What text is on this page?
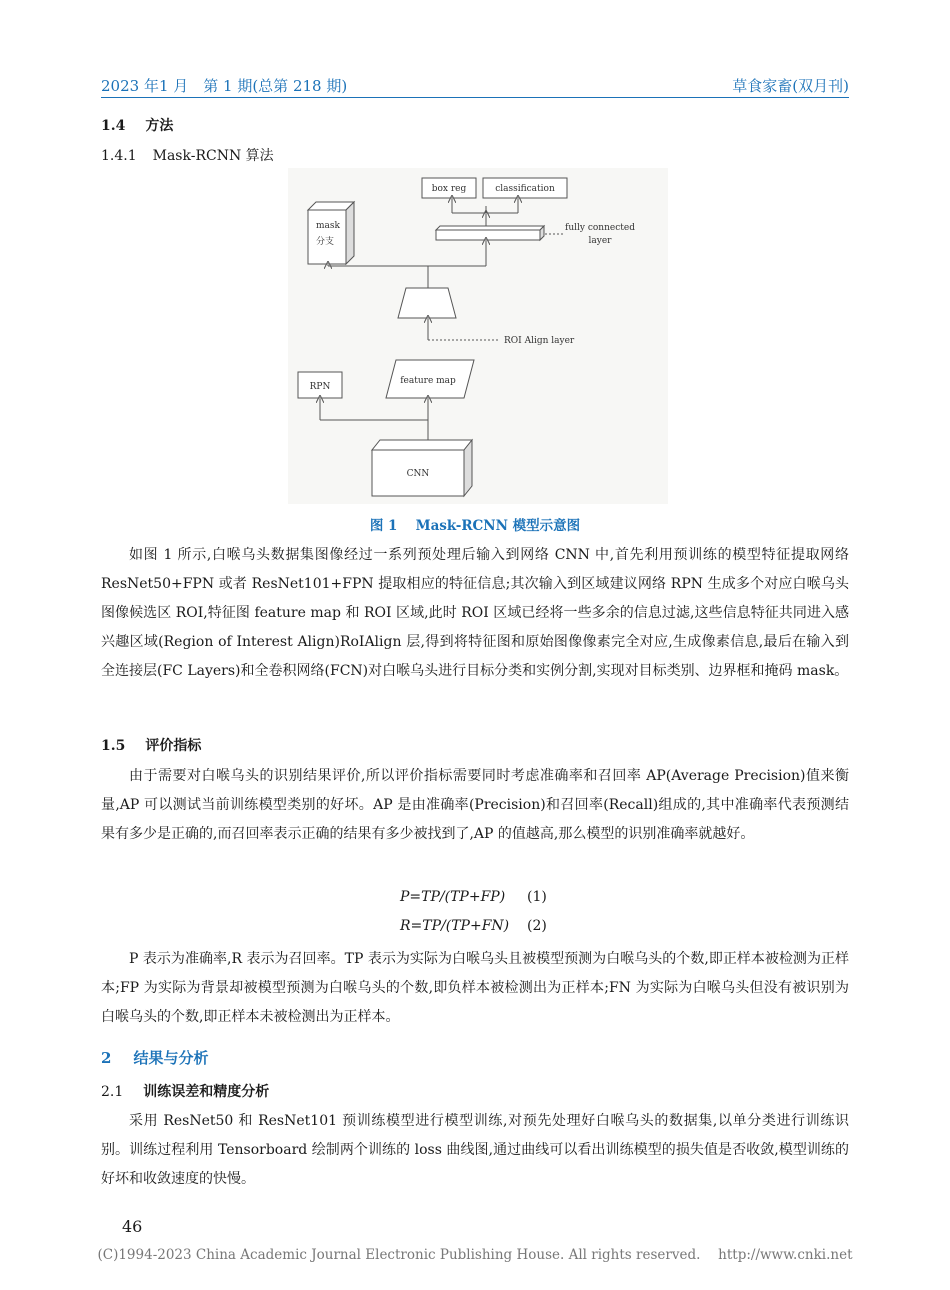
2023 年1 月　第 1 期(总第 218 期)	草食家畜(双月刊)
1.4 方法
1.4.1 Mask-RCNN 算法
box reg	classification
fully connected
layer
mask
分支
ROI Align layer
feature map
RPN
CNN
图 1　 Mask-RCNN 模型示意图

如图 1 所示,白喉乌头数据集图像经过一系列预处理后输入到网络 CNN 中,首先利用预训练的模型特征提取网络 ResNet50+FPN 或者 ResNet101+FPN 提取相应的特征信息;其次输入到区域建议网络 RPN 生成多个对应白喉乌头图像候选区 ROI,特征图 feature map 和 ROI 区域,此时 ROI 区域已经将一些多余的信息过滤,这些信息特征共同进入感兴趣区域(Region of Interest Align)RoIAlign 层,得到将特征图和原始图像像素完全对应,生成像素信息,最后在输入到全连接层(FC Layers)和全卷积网络(FCN)对白喉乌头进行目标分类和实例分割,实现对目标类别、边界框和掩码 mask。

1.5 评价指标

由于需要对白喉乌头的识别结果评价,所以评价指标需要同时考虑准确率和召回率 AP(Average Precision)值来衡量,AP 可以测试当前训练模型类别的好坏。AP 是由准确率(Precision)和召回率(Recall)组成的,其中准确率代表预测结果有多少是正确的,而召回率表示正确的结果有多少被找到了,AP 的值越高,那么模型的识别准确率就越好。

P=TP/(TP+FP) (1)
R=TP/(TP+FN) (2)

P 表示为准确率,R 表示为召回率。TP 表示为实际为白喉乌头且被模型预测为白喉乌头的个数,即正样本被检测为正样本;FP 为实际为背景却被模型预测为白喉乌头的个数,即负样本被检测出为正样本;FN 为实际为白喉乌头但没有被识别为白喉乌头的个数,即正样本未被检测出为正样本。

2 结果与分析
2.1 训练误差和精度分析

采用 ResNet50 和 ResNet101 预训练模型进行模型训练,对预先处理好白喉乌头的数据集,以单分类进行训练识别。训练过程利用 Tensorboard 绘制两个训练的 loss 曲线图,通过曲线可以看出训练模型的损失值是否收敛,模型训练的好坏和收敛速度的快慢。

46
(C)1994-2023 China Academic Journal Electronic Publishing House. All rights reserved.　 http://www.cnki.net
